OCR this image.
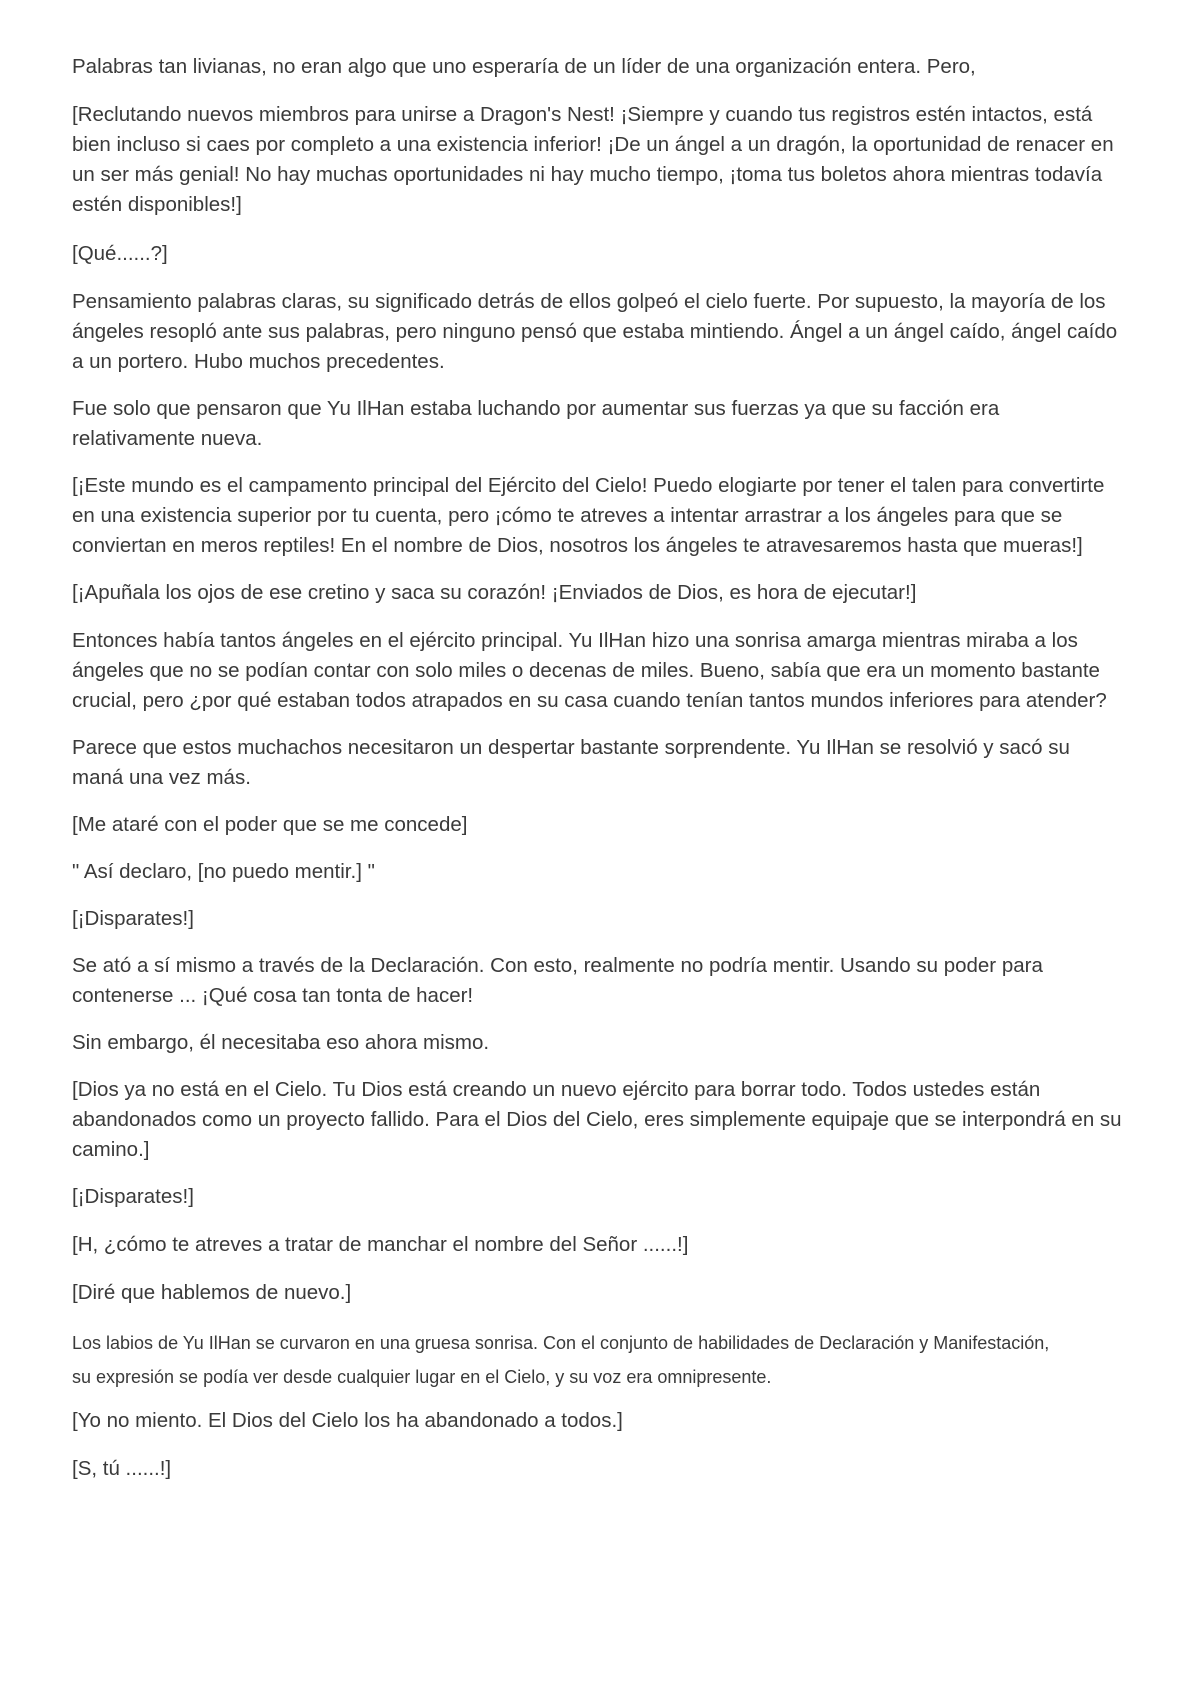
Palabras tan livianas, no eran algo que uno esperaría de un líder de una organización entera. Pero,

[Reclutando nuevos miembros para unirse a Dragon's Nest! ¡Siempre y cuando tus registros estén intactos, está bien incluso si caes por completo a una existencia inferior! ¡De un ángel a un dragón, la oportunidad de renacer en un ser más genial! No hay muchas oportunidades ni hay mucho tiempo, ¡toma tus boletos ahora mientras todavía estén disponibles!]

[Qué......?]

Pensamiento palabras claras, su significado detrás de ellos golpeó el cielo fuerte. Por supuesto, la mayoría de los ángeles resopló ante sus palabras, pero ninguno pensó que estaba mintiendo. Ángel a un ángel caído, ángel caído a un portero. Hubo muchos precedentes.

Fue solo que pensaron que Yu IlHan estaba luchando por aumentar sus fuerzas ya que su facción era relativamente nueva.

[¡Este mundo es el campamento principal del Ejército del Cielo! Puedo elogiarte por tener el talen para convertirte en una existencia superior por tu cuenta, pero ¡cómo te atreves a intentar arrastrar a los ángeles para que se conviertan en meros reptiles! En el nombre de Dios, nosotros los ángeles te atravesaremos hasta que mueras!]

[¡Apuñala los ojos de ese cretino y saca su corazón! ¡Enviados de Dios, es hora de ejecutar!]

Entonces había tantos ángeles en el ejército principal. Yu IlHan hizo una sonrisa amarga mientras miraba a los ángeles que no se podían contar con solo miles o decenas de miles. Bueno, sabía que era un momento bastante crucial, pero ¿por qué estaban todos atrapados en su casa cuando tenían tantos mundos inferiores para atender?

Parece que estos muchachos necesitaron un despertar bastante sorprendente. Yu IlHan se resolvió y sacó su maná una vez más.

[Me ataré con el poder que se me concede]

" Así declaro, [no puedo mentir.] "

[¡Disparates!]

Se ató a sí mismo a través de la Declaración. Con esto, realmente no podría mentir. Usando su poder para contenerse ... ¡Qué cosa tan tonta de hacer!

Sin embargo, él necesitaba eso ahora mismo.

[Dios ya no está en el Cielo. Tu Dios está creando un nuevo ejército para borrar todo. Todos ustedes están abandonados como un proyecto fallido. Para el Dios del Cielo, eres simplemente equipaje que se interpondrá en su camino.]

[¡Disparates!]

[H, ¿cómo te atreves a tratar de manchar el nombre del Señor ......!]

[Diré que hablemos de nuevo.]

Los labios de Yu IlHan se curvaron en una gruesa sonrisa. Con el conjunto de habilidades de Declaración y Manifestación, su expresión se podía ver desde cualquier lugar en el Cielo, y su voz era omnipresente.

[Yo no miento. El Dios del Cielo los ha abandonado a todos.]

[S, tú ......!]
